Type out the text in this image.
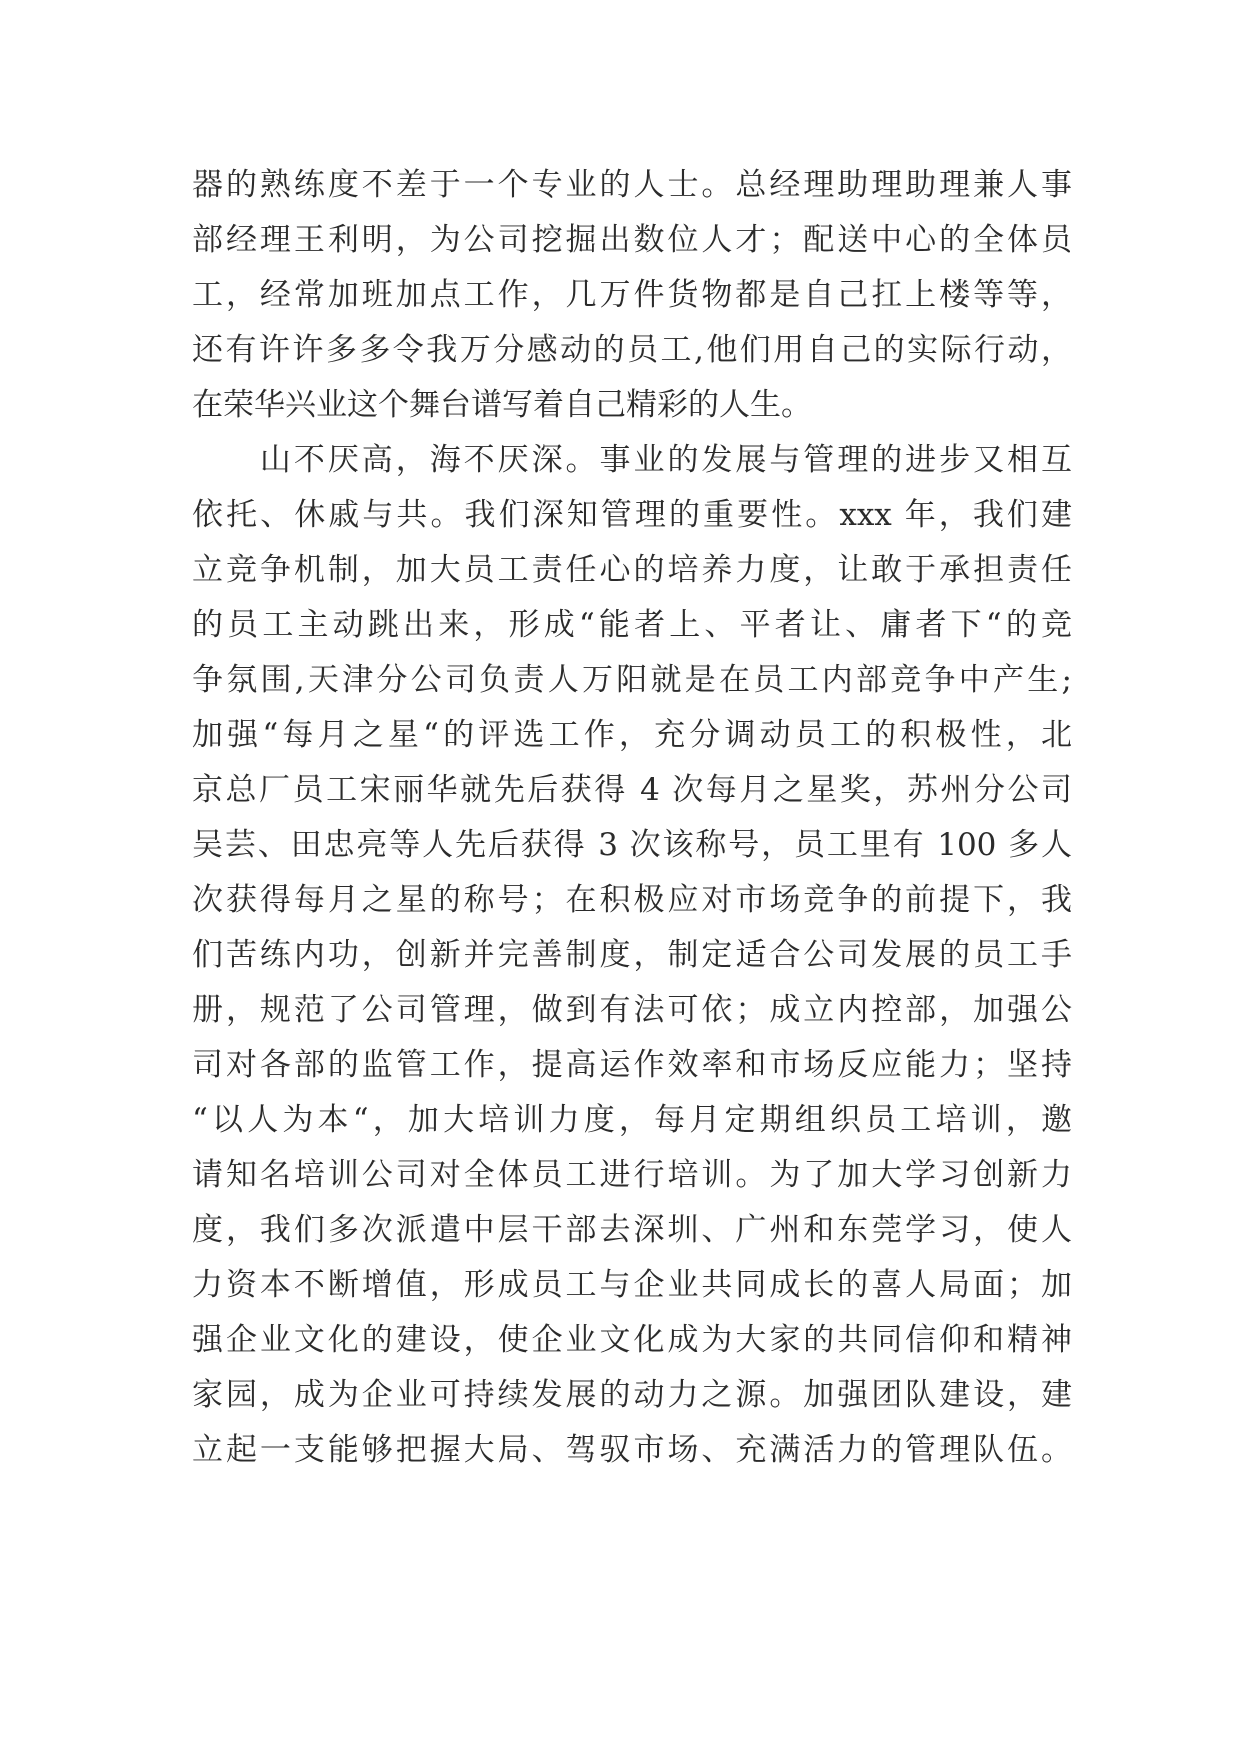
器的熟练度不差于一个专业的人士。总经理助理助理兼人事
部经理王利明，为公司挖掘出数位人才；配送中心的全体员
工，经常加班加点工作，几万件货物都是自己扛上楼等等，
还有许许多多令我万分感动的员工,他们用自己的实际行动，
在荣华兴业这个舞台谱写着自己精彩的人生。
　　山不厌高，海不厌深。事业的发展与管理的进步又相互
依托、休戚与共。我们深知管理的重要性。xxx 年，我们建
立竞争机制，加大员工责任心的培养力度，让敢于承担责任
的员工主动跳出来，形成“能者上、平者让、庸者下“的竞
争氛围,天津分公司负责人万阳就是在员工内部竞争中产生;
加强“每月之星“的评选工作，充分调动员工的积极性，北
京总厂员工宋丽华就先后获得 4 次每月之星奖，苏州分公司
吴芸、田忠亮等人先后获得 3 次该称号，员工里有 100 多人
次获得每月之星的称号；在积极应对市场竞争的前提下，我
们苦练内功，创新并完善制度，制定适合公司发展的员工手
册，规范了公司管理，做到有法可依；成立内控部，加强公
司对各部的监管工作，提高运作效率和市场反应能力；坚持
“以人为本“，加大培训力度，每月定期组织员工培训，邀
请知名培训公司对全体员工进行培训。为了加大学习创新力
度，我们多次派遣中层干部去深圳、广州和东莞学习，使人
力资本不断增值，形成员工与企业共同成长的喜人局面；加
强企业文化的建设，使企业文化成为大家的共同信仰和精神
家园，成为企业可持续发展的动力之源。加强团队建设，建
立起一支能够把握大局、驾驭市场、充满活力的管理队伍。
